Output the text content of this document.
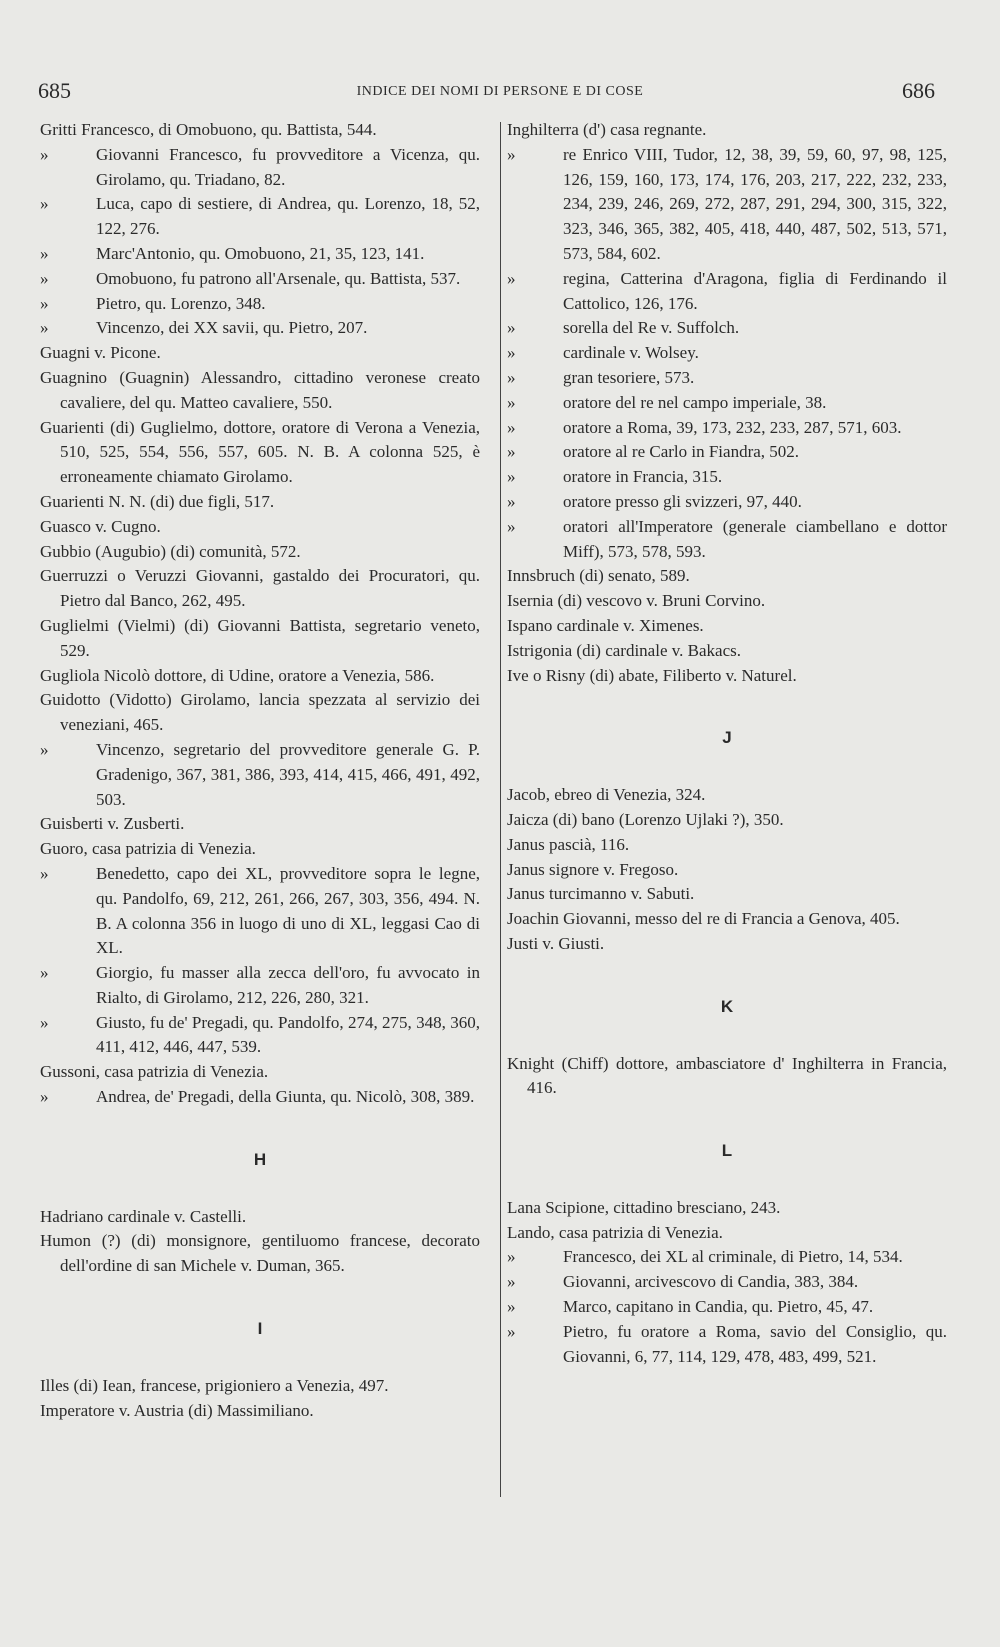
685	INDICE DEI NOMI DI PERSONE E DI COSE	686
Gritti Francesco, di Omobuono, qu. Battista, 544.
»	Giovanni Francesco, fu provveditore a Vicenza, qu. Girolamo, qu. Triadano, 82.
»	Luca, capo di sestiere, di Andrea, qu. Lorenzo, 18, 52, 122, 276.
»	Marc'Antonio, qu. Omobuono, 21, 35, 123, 141.
»	Omobuono, fu patrono all'Arsenale, qu. Battista, 537.
»	Pietro, qu. Lorenzo, 348.
»	Vincenzo, dei XX savii, qu. Pietro, 207.
Guagni v. Picone.
Guagnino (Guagnin) Alessandro, cittadino veronese creato cavaliere, del qu. Matteo cavaliere, 550.
Guarienti (di) Guglielmo, dottore, oratore di Verona a Venezia, 510, 525, 554, 556, 557, 605. N. B. A colonna 525, è erroneamente chiamato Girolamo.
Guarienti N. N. (di) due figli, 517.
Guasco v. Cugno.
Gubbio (Augubio) (di) comunità, 572.
Guerruzzi o Veruzzi Giovanni, gastaldo dei Procuratori, qu. Pietro dal Banco, 262, 495.
Guglielmi (Vielmi) (di) Giovanni Battista, segretario veneto, 529.
Gugliola Nicolò dottore, di Udine, oratore a Venezia, 586.
Guidotto (Vidotto) Girolamo, lancia spezzata al servizio dei veneziani, 465.
»	Vincenzo, segretario del provveditore generale G. P. Gradenigo, 367, 381, 386, 393, 414, 415, 466, 491, 492, 503.
Guisberti v. Zusberti.
Guoro, casa patrizia di Venezia.
»	Benedetto, capo dei XL, provveditore sopra le legne, qu. Pandolfo, 69, 212, 261, 266, 267, 303, 356, 494. N. B. A colonna 356 in luogo di uno di XL, leggasi Cao di XL.
»	Giorgio, fu masser alla zecca dell'oro, fu avvocato in Rialto, di Girolamo, 212, 226, 280, 321.
»	Giusto, fu de' Pregadi, qu. Pandolfo, 274, 275, 348, 360, 411, 412, 446, 447, 539.
Gussoni, casa patrizia di Venezia.
»	Andrea, de' Pregadi, della Giunta, qu. Nicolò, 308, 389.
H
Hadriano cardinale v. Castelli.
Humon (?) (di) monsignore, gentiluomo francese, decorato dell'ordine di san Michele v. Duman, 365.
I
Illes (di) Iean, francese, prigioniero a Venezia, 497.
Imperatore v. Austria (di) Massimiliano.
Inghilterra (d') casa regnante.
»	re Enrico VIII, Tudor, 12, 38, 39, 59, 60, 97, 98, 125, 126, 159, 160, 173, 174, 176, 203, 217, 222, 232, 233, 234, 239, 246, 269, 272, 287, 291, 294, 300, 315, 322, 323, 346, 365, 382, 405, 418, 440, 487, 502, 513, 571, 573, 584, 602.
»	regina, Catterina d'Aragona, figlia di Ferdinando il Cattolico, 126, 176.
»	sorella del Re v. Suffolch.
»	cardinale v. Wolsey.
»	gran tesoriere, 573.
»	oratore del re nel campo imperiale, 38.
»	oratore a Roma, 39, 173, 232, 233, 287, 571, 603.
»	oratore al re Carlo in Fiandra, 502.
»	oratore in Francia, 315.
»	oratore presso gli svizzeri, 97, 440.
»	oratori all'Imperatore (generale ciambellano e dottor Miff), 573, 578, 593.
Innsbruch (di) senato, 589.
Isernia (di) vescovo v. Bruni Corvino.
Ispano cardinale v. Ximenes.
Istrigonia (di) cardinale v. Bakacs.
Ive o Risny (di) abate, Filiberto v. Naturel.
J
Jacob, ebreo di Venezia, 324.
Jaicza (di) bano (Lorenzo Ujlaki ?), 350.
Janus pascià, 116.
Janus signore v. Fregoso.
Janus turcimanno v. Sabuti.
Joachin Giovanni, messo del re di Francia a Genova, 405.
Justi v. Giusti.
K
Knight (Chiff) dottore, ambasciatore d' Inghilterra in Francia, 416.
L
Lana Scipione, cittadino bresciano, 243.
Lando, casa patrizia di Venezia.
»	Francesco, dei XL al criminale, di Pietro, 14, 534.
»	Giovanni, arcivescovo di Candia, 383, 384.
»	Marco, capitano in Candia, qu. Pietro, 45, 47.
»	Pietro, fu oratore a Roma, savio del Consiglio, qu. Giovanni, 6, 77, 114, 129, 478, 483, 499, 521.
